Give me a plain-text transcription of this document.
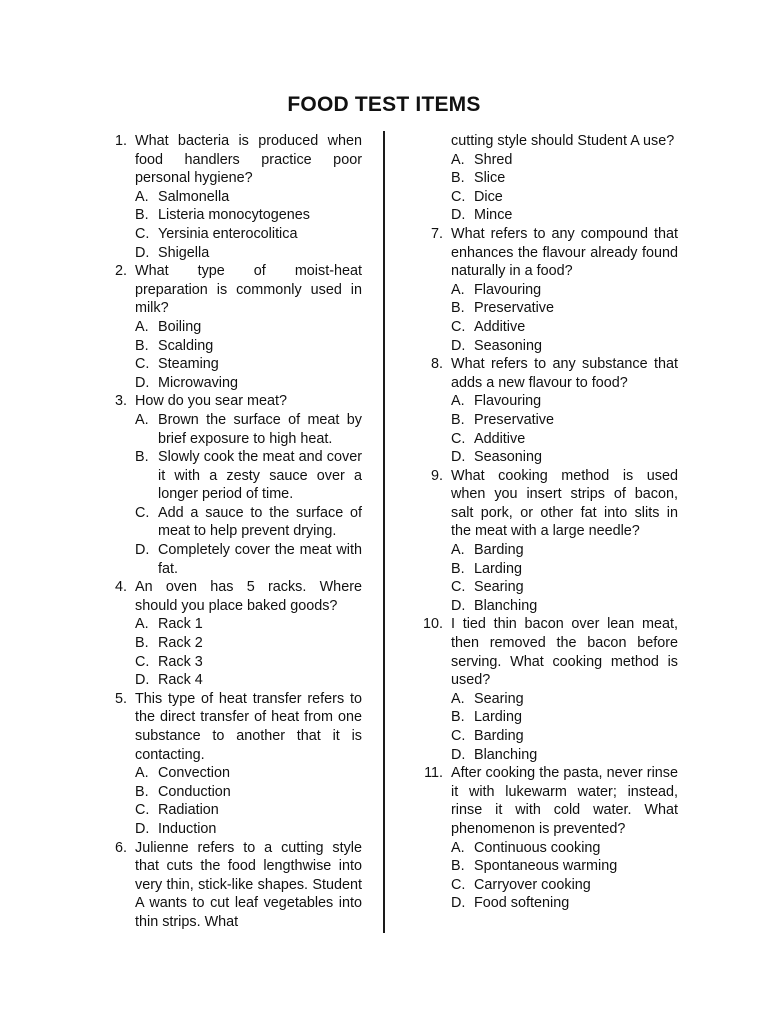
FOOD TEST ITEMS
1. What bacteria is produced when food handlers practice poor personal hygiene?
A. Salmonella
B. Listeria monocytogenes
C. Yersinia enterocolitica
D. Shigella
2. What type of moist-heat preparation is commonly used in milk?
A. Boiling
B. Scalding
C. Steaming
D. Microwaving
3. How do you sear meat?
A. Brown the surface of meat by brief exposure to high heat.
B. Slowly cook the meat and cover it with a zesty sauce over a longer period of time.
C. Add a sauce to the surface of meat to help prevent drying.
D. Completely cover the meat with fat.
4. An oven has 5 racks. Where should you place baked goods?
A. Rack 1
B. Rack 2
C. Rack 3
D. Rack 4
5. This type of heat transfer refers to the direct transfer of heat from one substance to another that it is contacting.
A. Convection
B. Conduction
C. Radiation
D. Induction
6. Julienne refers to a cutting style that cuts the food lengthwise into very thin, stick-like shapes. Student A wants to cut leaf vegetables into thin strips. What
cutting style should Student A use?
A. Shred
B. Slice
C. Dice
D. Mince
7. What refers to any compound that enhances the flavour already found naturally in a food?
A. Flavouring
B. Preservative
C. Additive
D. Seasoning
8. What refers to any substance that adds a new flavour to food?
A. Flavouring
B. Preservative
C. Additive
D. Seasoning
9. What cooking method is used when you insert strips of bacon, salt pork, or other fat into slits in the meat with a large needle?
A. Barding
B. Larding
C. Searing
D. Blanching
10. I tied thin bacon over lean meat, then removed the bacon before serving. What cooking method is used?
A. Searing
B. Larding
C. Barding
D. Blanching
11. After cooking the pasta, never rinse it with lukewarm water; instead, rinse it with cold water. What phenomenon is prevented?
A. Continuous cooking
B. Spontaneous warming
C. Carryover cooking
D. Food softening
